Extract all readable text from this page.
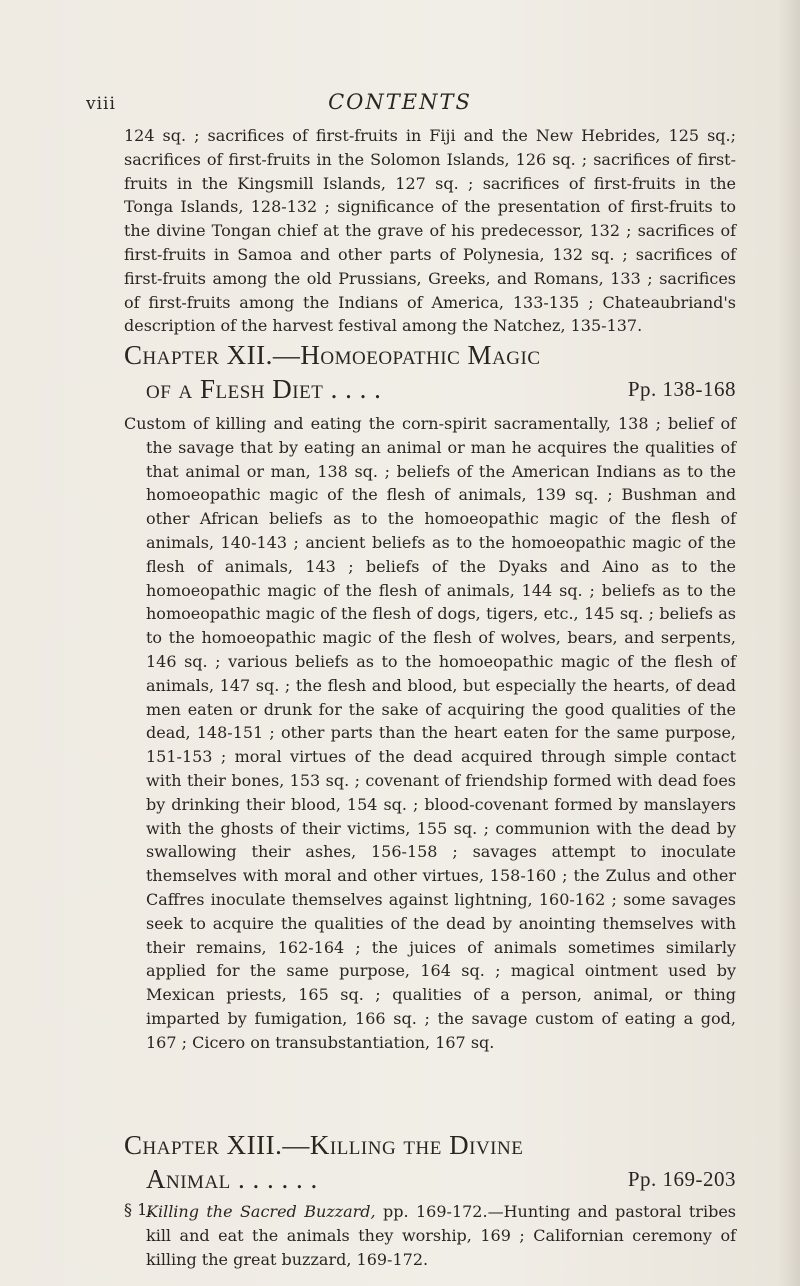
viii	CONTENTS

124 sq. ; sacrifices of first-fruits in Fiji and the New Hebrides, 125 sq.; sacrifices of first-fruits in the Solomon Islands, 126 sq. ; sacrifices of first-fruits in the Kingsmill Islands, 127 sq. ; sacrifices of first-fruits in the Tonga Islands, 128-132 ; significance of the presentation of first-fruits to the divine Tongan chief at the grave of his predecessor, 132 ; sacrifices of first-fruits in Samoa and other parts of Polynesia, 132 sq. ; sacrifices of first-fruits among the old Prussians, Greeks, and Romans, 133 ; sacrifices of first-fruits among the Indians of America, 133-135 ; Chateaubriand's description of the harvest festival among the Natchez, 135-137.

Chapter XII.—Homoeopathic Magic
of a Flesh Diet . . . .	Pp. 138-168

Custom of killing and eating the corn-spirit sacramentally, 138 ; belief of the savage that by eating an animal or man he acquires the qualities of that animal or man, 138 sq. ; beliefs of the American Indians as to the homoeopathic magic of the flesh of animals, 139 sq. ; Bushman and other African beliefs as to the homoeopathic magic of the flesh of animals, 140-143 ; ancient beliefs as to the homoeopathic magic of the flesh of animals, 143 ; beliefs of the Dyaks and Aino as to the homoeopathic magic of the flesh of animals, 144 sq. ; beliefs as to the homoeopathic magic of the flesh of dogs, tigers, etc., 145 sq. ; beliefs as to the homoeopathic magic of the flesh of wolves, bears, and serpents, 146 sq. ; various beliefs as to the homoeopathic magic of the flesh of animals, 147 sq. ; the flesh and blood, but especially the hearts, of dead men eaten or drunk for the sake of acquiring the good qualities of the dead, 148-151 ; other parts than the heart eaten for the same purpose, 151-153 ; moral virtues of the dead acquired through simple contact with their bones, 153 sq. ; covenant of friendship formed with dead foes by drinking their blood, 154 sq. ; blood-covenant formed by manslayers with the ghosts of their victims, 155 sq. ; communion with the dead by swallowing their ashes, 156-158 ; savages attempt to inoculate themselves with moral and other virtues, 158-160 ; the Zulus and other Caffres inoculate themselves against lightning, 160-162 ; some savages seek to acquire the qualities of the dead by anointing themselves with their remains, 162-164 ; the juices of animals sometimes similarly applied for the same purpose, 164 sq. ; magical ointment used by Mexican priests, 165 sq. ; qualities of a person, animal, or thing imparted by fumigation, 166 sq. ; the savage custom of eating a god, 167 ; Cicero on transubstantiation, 167 sq.

Chapter XIII.—Killing the Divine
Animal . . . . . .	Pp. 169-203
§ 1.

Killing the Sacred Buzzard, pp. 169-172.—Hunting and pastoral tribes kill and eat the animals they worship, 169 ; Californian ceremony of killing the great buzzard, 169-172.
